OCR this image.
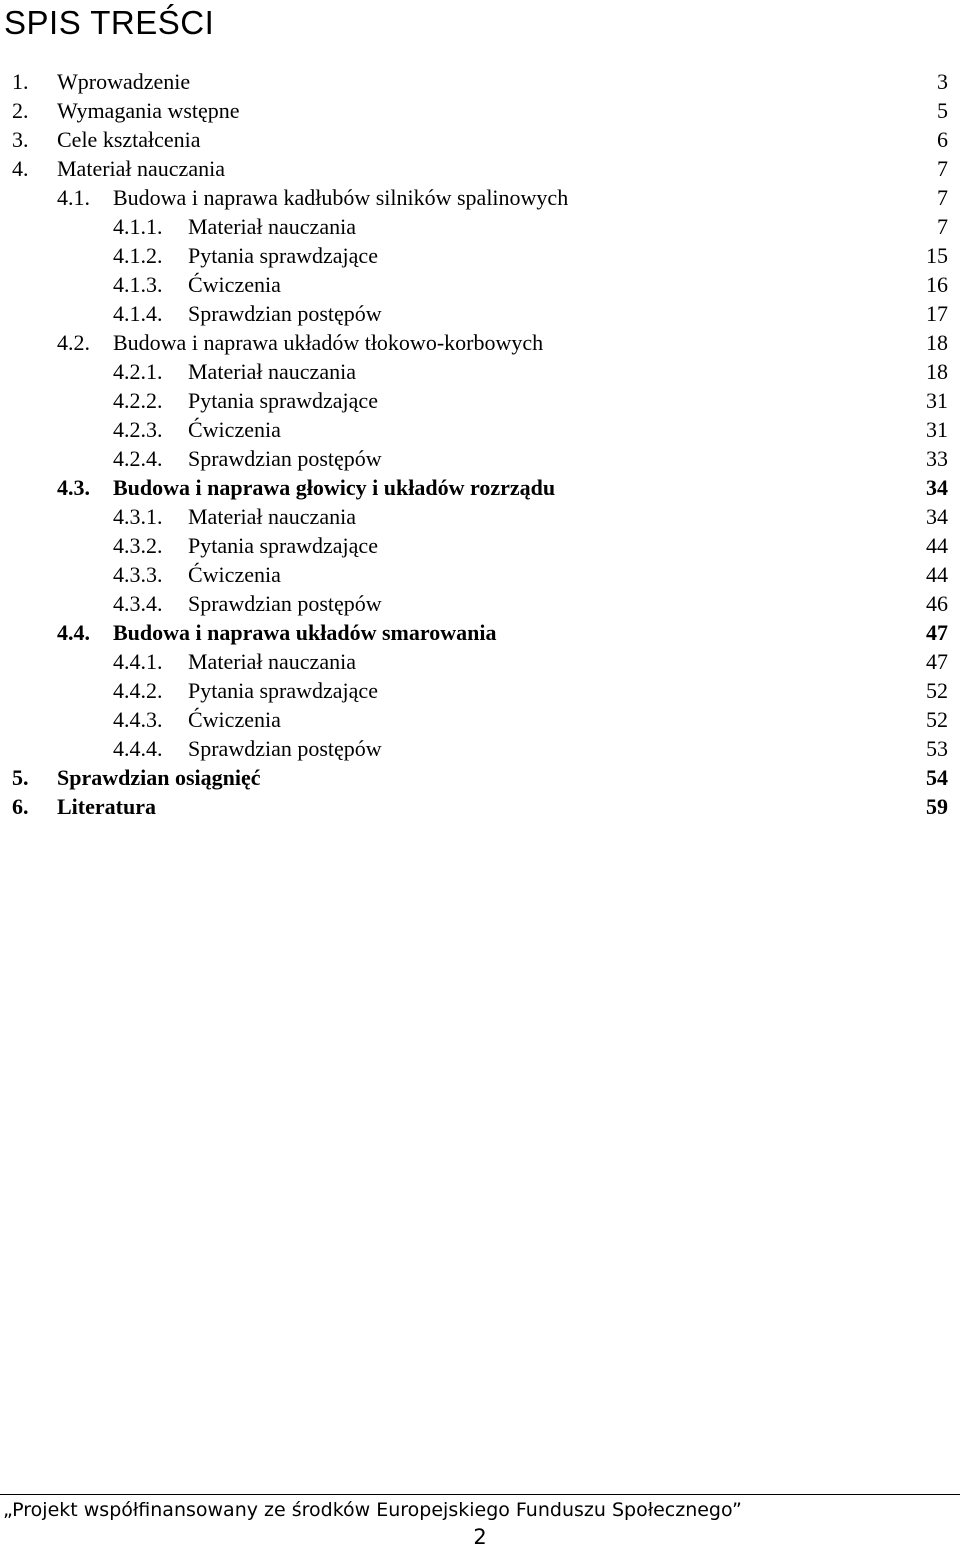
SPIS TREŚCI
1. Wprowadzenie	3
2. Wymagania wstępne	5
3. Cele kształcenia	6
4. Materiał nauczania	7
4.1. Budowa i naprawa kadłubów silników spalinowych	7
4.1.1. Materiał nauczania	7
4.1.2. Pytania sprawdzające	15
4.1.3. Ćwiczenia	16
4.1.4. Sprawdzian postępów	17
4.2. Budowa i naprawa układów tłokowo-korbowych	18
4.2.1. Materiał nauczania	18
4.2.2. Pytania sprawdzające	31
4.2.3. Ćwiczenia	31
4.2.4. Sprawdzian postępów	33
4.3. Budowa i naprawa głowicy i układów rozrządu	34
4.3.1. Materiał nauczania	34
4.3.2. Pytania sprawdzające	44
4.3.3. Ćwiczenia	44
4.3.4. Sprawdzian postępów	46
4.4. Budowa i naprawa układów smarowania	47
4.4.1. Materiał nauczania	47
4.4.2. Pytania sprawdzające	52
4.4.3. Ćwiczenia	52
4.4.4. Sprawdzian postępów	53
5. Sprawdzian osiągnięć	54
6. Literatura	59
„Projekt współfinansowany ze środków Europejskiego Funduszu Społecznego”
2
